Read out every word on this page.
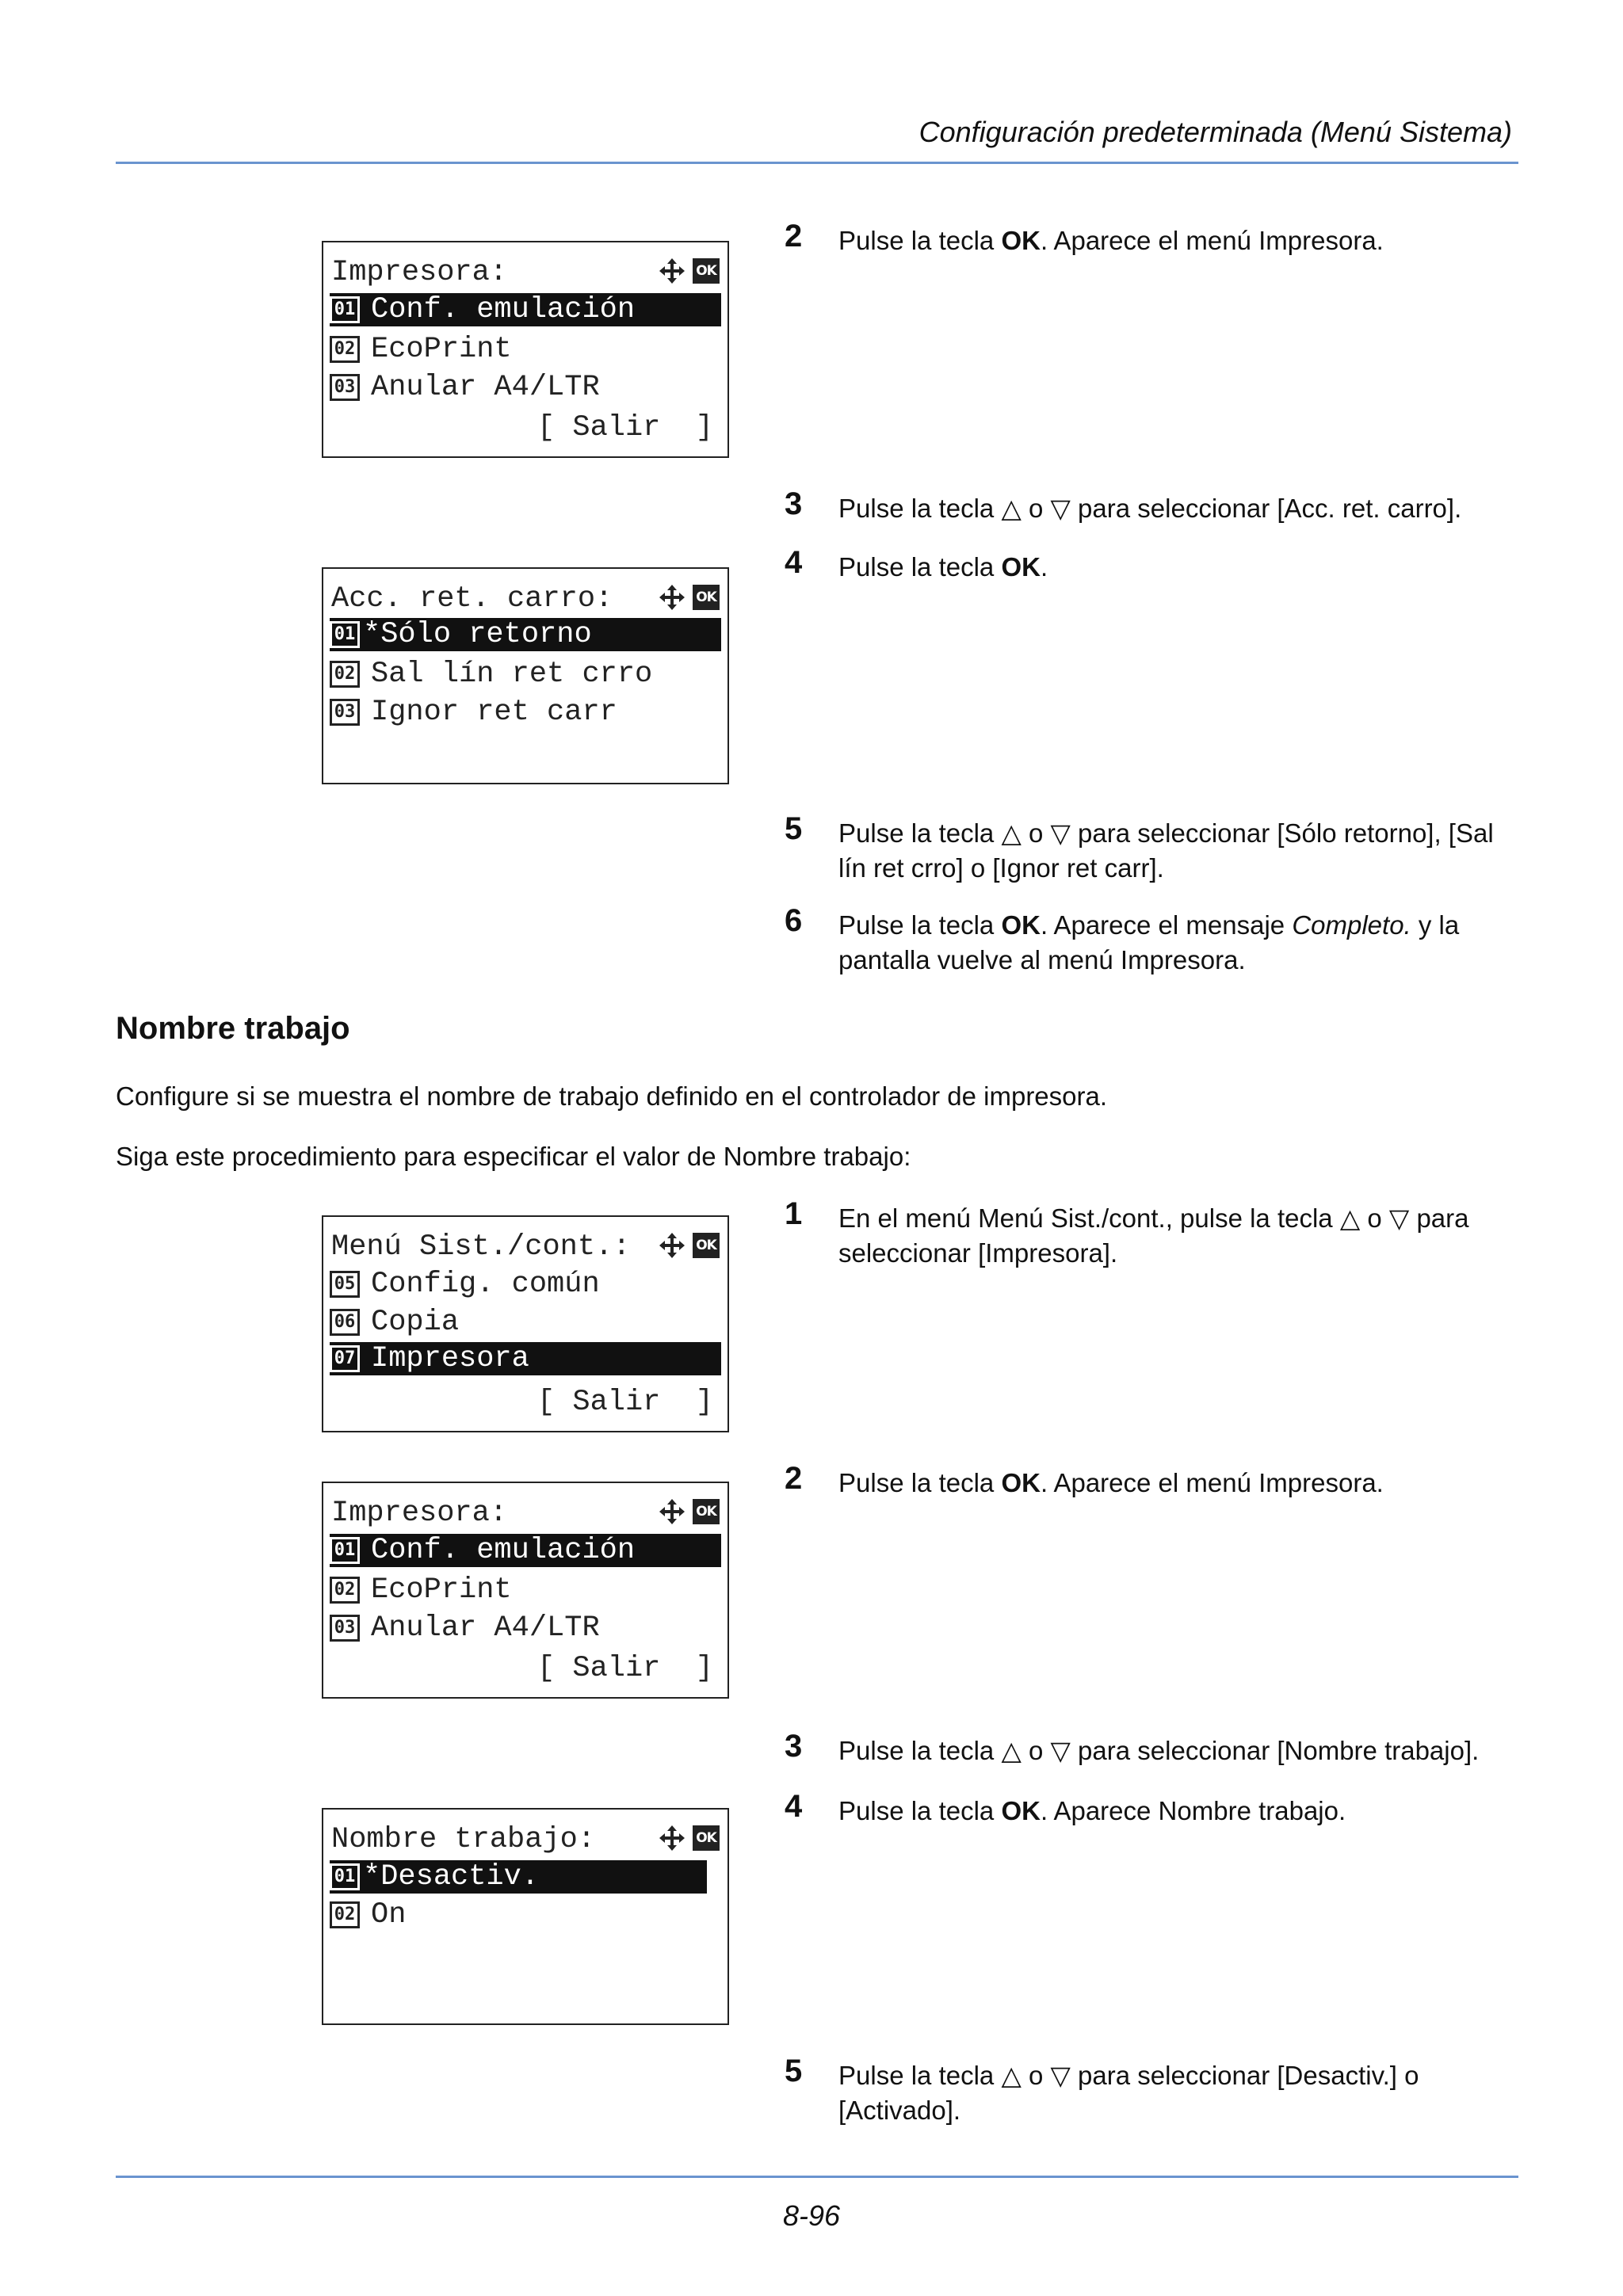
Configuración predeterminada (Menú Sistema)
Impresora:	OK
01 Conf. emulación
02 EcoPrint
03 Anular A4/LTR
[ Salir  ]
Acc. ret. carro:	OK
01 *Sólo retorno
02 Sal lín ret crro
03 Ignor ret carr
2 Pulse la tecla OK. Aparece el menú Impresora.
3 Pulse la tecla △ o ▽ para seleccionar [Acc. ret. carro].
4 Pulse la tecla OK.
5 Pulse la tecla △ o ▽ para seleccionar [Sólo retorno], [Sal lín ret crro] o [Ignor ret carr].
6 Pulse la tecla OK. Aparece el mensaje Completo. y la pantalla vuelve al menú Impresora.
Nombre trabajo
Configure si se muestra el nombre de trabajo definido en el controlador de impresora.
Siga este procedimiento para especificar el valor de Nombre trabajo:
Menú Sist./cont.:	OK
05 Config. común
06 Copia
07 Impresora
[ Salir  ]
Impresora:	OK
01 Conf. emulación
02 EcoPrint
03 Anular A4/LTR
[ Salir  ]
Nombre trabajo:	OK
01 *Desactiv.
02 On
1 En el menú Menú Sist./cont., pulse la tecla △ o ▽ para seleccionar [Impresora].
2 Pulse la tecla OK. Aparece el menú Impresora.
3 Pulse la tecla △ o ▽ para seleccionar [Nombre trabajo].
4 Pulse la tecla OK. Aparece Nombre trabajo.
5 Pulse la tecla △ o ▽ para seleccionar [Desactiv.] o [Activado].
8-96
